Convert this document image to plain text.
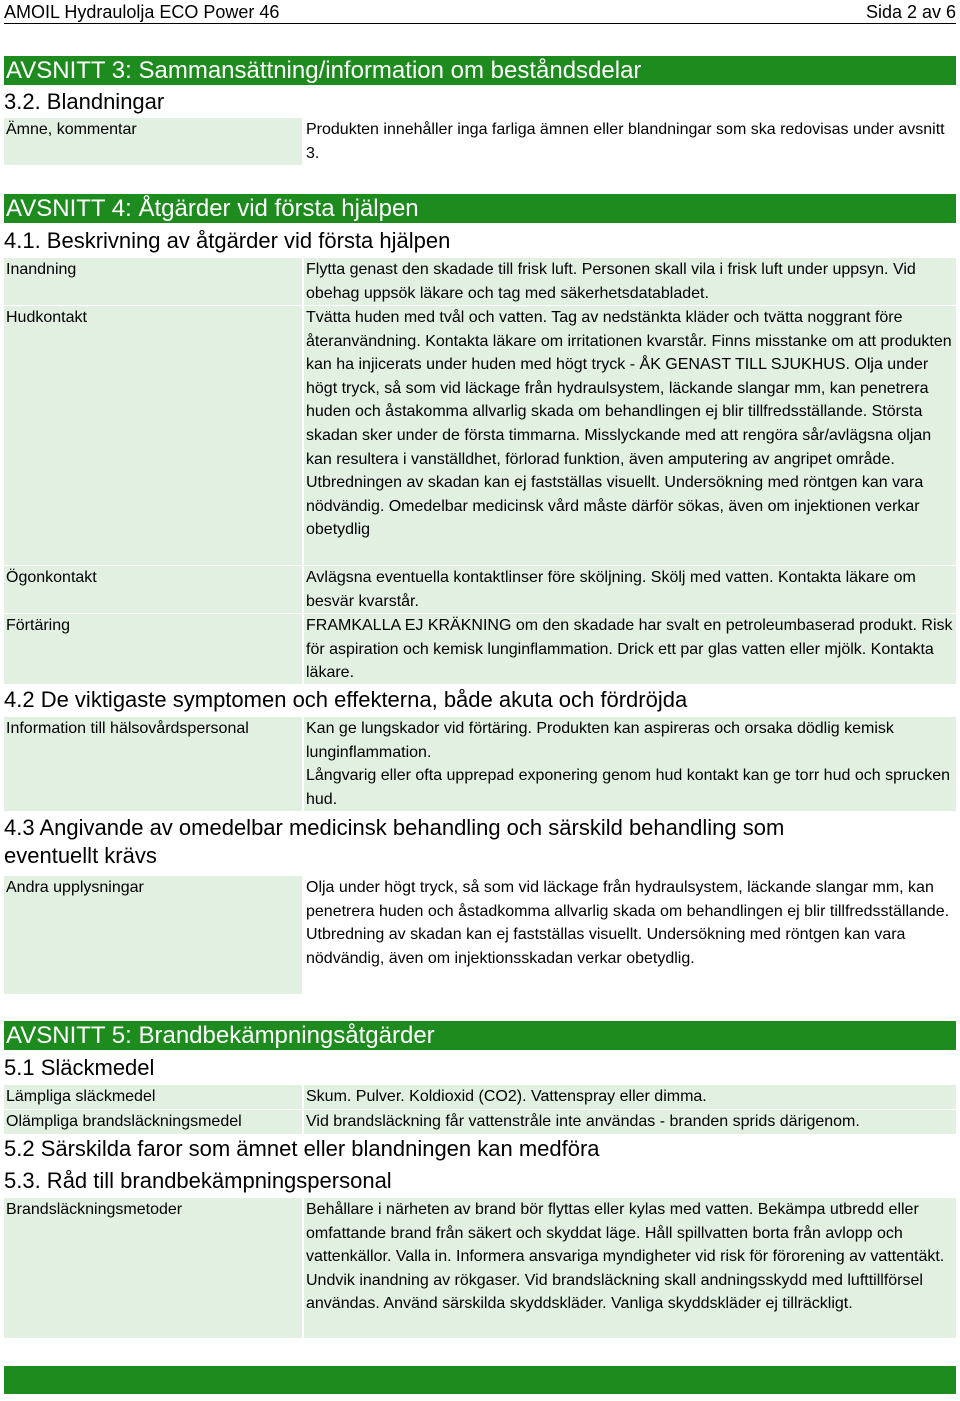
AMOIL Hydraulolja ECO Power 46	Sida 2 av 6
AVSNITT 3: Sammansättning/information om beståndsdelar
3.2. Blandningar
Ämne, kommentar	Produkten innehåller inga farliga ämnen eller blandningar som ska redovisas under avsnitt 3.

AVSNITT 4: Åtgärder vid första hjälpen
4.1. Beskrivning av åtgärder vid första hjälpen
Inandning	Flytta genast den skadade till frisk luft. Personen skall vila i frisk luft under uppsyn. Vid obehag uppsök läkare och tag med säkerhetsdatabladet.

Hudkontakt	Tvätta huden med tvål och vatten. Tag av nedstänkta kläder och tvätta noggrant före återanvändning. Kontakta läkare om irritationen kvarstår. Finns misstanke om att produkten kan ha injicerats under huden med högt tryck - ÅK GENAST TILL SJUKHUS. Olja under högt tryck, så som vid läckage från hydraulsystem, läckande slangar mm, kan penetrera huden och åstakomma allvarlig skada om behandlingen ej blir tillfredsställande. Största skadan sker under de första timmarna. Misslyckande med att rengöra sår/avlägsna oljan kan resultera i vanställdhet, förlorad funktion, även amputering av angripet område. Utbredningen av skadan kan ej fastställas visuellt. Undersökning med röntgen kan vara nödvändig. Omedelbar medicinsk vård måste därför sökas, även om injektionen verkar obetydlig

Ögonkontakt	Avlägsna eventuella kontaktlinser före sköljning. Skölj med vatten. Kontakta läkare om besvär kvarstår.

Förtäring	FRAMKALLA EJ KRÄKNING om den skadade har svalt en petroleumbaserad produkt. Risk för aspiration och kemisk lunginflammation. Drick ett par glas vatten eller mjölk. Kontakta läkare.

4.2 De viktigaste symptomen och effekterna, både akuta och fördröjda
Information till hälsovårdspersonal	Kan ge lungskador vid förtäring. Produkten kan aspireras och orsaka dödlig kemisk lunginflammation.

Långvarig eller ofta upprepad exponering genom hud kontakt kan ge torr hud och sprucken hud.

4.3 Angivande av omedelbar medicinsk behandling och särskild behandling som
eventuellt krävs
Andra upplysningar	Olja under högt tryck, så som vid läckage från hydraulsystem, läckande slangar mm, kan penetrera huden och åstadkomma allvarlig skada om behandlingen ej blir tillfredsställande. Utbredning av skadan kan ej fastställas visuellt. Undersökning med röntgen kan vara nödvändig, även om injektionsskadan verkar obetydlig.

AVSNITT 5: Brandbekämpningsåtgärder
5.1 Släckmedel
Lämpliga släckmedel	Skum. Pulver. Koldioxid (CO2). Vattenspray eller dimma.

Olämpliga brandsläckningsmedel	Vid brandsläckning får vattenstråle inte användas - branden sprids därigenom.

5.2 Särskilda faror som ämnet eller blandningen kan medföra
5.3. Råd till brandbekämpningspersonal
Brandsläckningsmetoder	Behållare i närheten av brand bör flyttas eller kylas med vatten. Bekämpa utbredd eller omfattande brand från säkert och skyddat läge. Håll spillvatten borta från avlopp och vattenkällor. Valla in. Informera ansvariga myndigheter vid risk för förorening av vattentäkt. Undvik inandning av rökgaser. Vid brandsläckning skall andningsskydd med lufttillförsel användas. Använd särskilda skyddskläder. Vanliga skyddskläder ej tillräckligt.
